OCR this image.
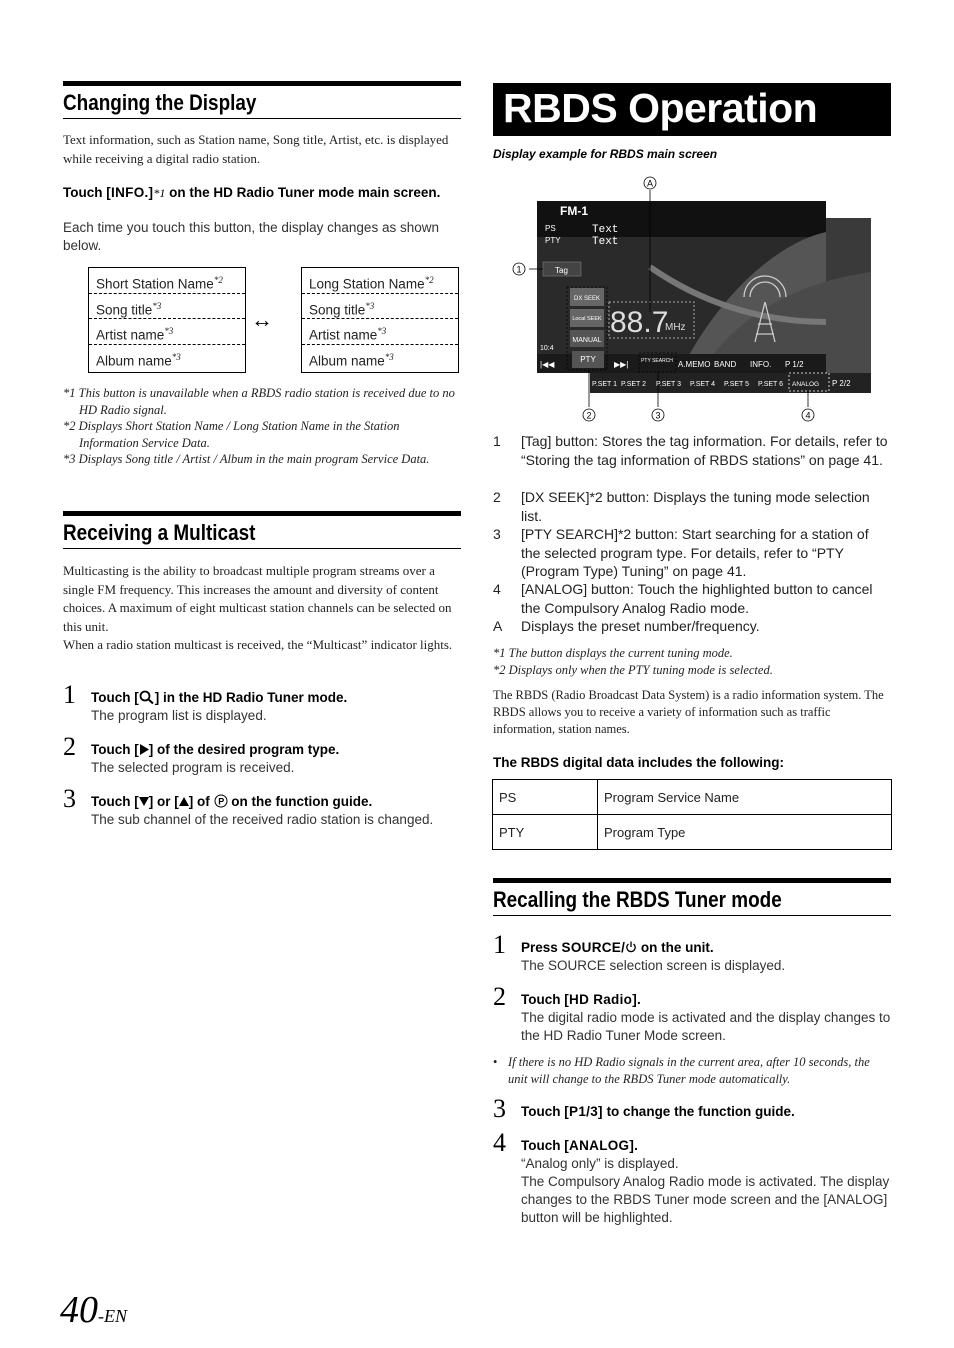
Changing the Display
Text information, such as Station name, Song title, Artist, etc. is displayed while receiving a digital radio station.
Touch [INFO.]*1 on the HD Radio Tuner mode main screen.
Each time you touch this button, the display changes as shown below.
Short Station Name$^{*2}$
Song title$^{*3}$
Artist name$^{*3}$
Album name$^{*3}$
↔
Long Station Name$^{*2}$
Song title$^{*3}$
Artist name$^{*3}$
Album name$^{*3}$
*1 This button is unavailable when a RBDS radio station is received due to no HD Radio signal.
*2 Displays Short Station Name / Long Station Name in the Station Information Service Data.
*3 Displays Song title / Artist / Album in the main program Service Data.
Receiving a Multicast
Multicasting is the ability to broadcast multiple program streams over a single FM frequency. This increases the amount and diversity of content choices. A maximum of eight multicast station channels can be selected on this unit.
When a radio station multicast is received, the “Multicast” indicator lights.
1 Touch [ ] in the HD Radio Tuner mode.
The program list is displayed.
2 Touch [ ] of the desired program type.
The selected program is received.
3 Touch [ ] or [ ] of P on the function guide.
The sub channel of the received radio station is changed.
RBDS Operation
Display example for RBDS main screen
A
1
2	3	4
FM-1
PS
PTY
Text
Text
Tag
DX SEEK
Local SEEK
MANUAL
PTY
88.7
MHz
10:4
PTY SEARCH
|◀◀	▶▶|	A.MEMO BAND INFO. P 1/2
P.SET 1 P.SET 2 P.SET 3 P.SET 4 P.SET 5 P.SET 6 ANALOG P 2/2
1 [Tag] button: Stores the tag information. For details, refer to “Storing the tag information of RBDS stations” on page 41.
2 [DX SEEK]*2 button: Displays the tuning mode selection list.
3 [PTY SEARCH]*2 button: Start searching for a station of the selected program type. For details, refer to “PTY (Program Type) Tuning” on page 41.
4 [ANALOG] button: Touch the highlighted button to cancel the Compulsory Analog Radio mode.
A Displays the preset number/frequency.
*1 The button displays the current tuning mode.
*2 Displays only when the PTY tuning mode is selected.
The RBDS (Radio Broadcast Data System) is a radio information system. The RBDS allows you to receive a variety of information such as traffic information, station names.
The RBDS digital data includes the following:
PS	Program Service Name
PTY	Program Type
Recalling the RBDS Tuner mode
1 Press SOURCE/ on the unit.
The SOURCE selection screen is displayed.
2 Touch [HD Radio].
The digital radio mode is activated and the display changes to the HD Radio Tuner Mode screen.
• If there is no HD Radio signals in the current area, after 10 seconds, the unit will change to the RBDS Tuner mode automatically.
3 Touch [P1/3] to change the function guide.
4 Touch [ANALOG].
“Analog only” is displayed.
The Compulsory Analog Radio mode is activated. The display changes to the RBDS Tuner mode screen and the [ANALOG] button will be highlighted.
40-EN
